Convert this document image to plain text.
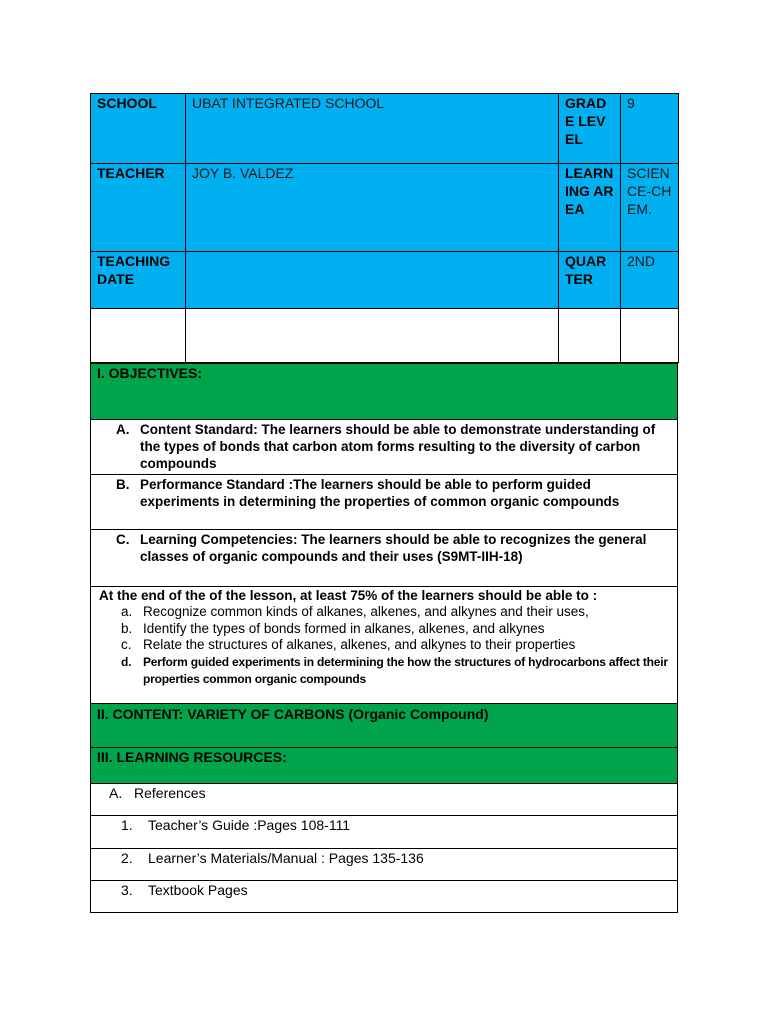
SCHOOL	UBAT INTEGRATED SCHOOL	GRADE LEVEL	9
TEACHER	JOY B. VALDEZ	LEARNING AREA	SCIENCE-CHEM.
TEACHING DATE		QUARTER	2ND

I. OBJECTIVES:

A. Content Standard: The learners should be able to demonstrate understanding of the types of bonds that carbon atom forms resulting to the diversity of carbon compounds

B. Performance Standard :The learners should be able to perform guided experiments in determining the properties of common organic compounds

C. Learning Competencies: The learners should be able to recognizes the general classes of organic compounds and their uses (S9MT-IIH-18)

At the end of the of the lesson, at least 75% of the learners should be able to :
a. Recognize common kinds of alkanes, alkenes, and alkynes and their uses,
b. Identify the types of bonds formed in alkanes, alkenes, and alkynes
c. Relate the structures of alkanes, alkenes, and alkynes to their properties
d. Perform guided experiments in determining the how the structures of hydrocarbons affect their properties common organic compounds

II. CONTENT: VARIETY OF CARBONS (Organic Compound)
III. LEARNING RESOURCES:

A. References

1.	Teacher’s Guide :Pages 108-111

2.	Learner’s Materials/Manual : Pages 135-136

3.	Textbook Pages
